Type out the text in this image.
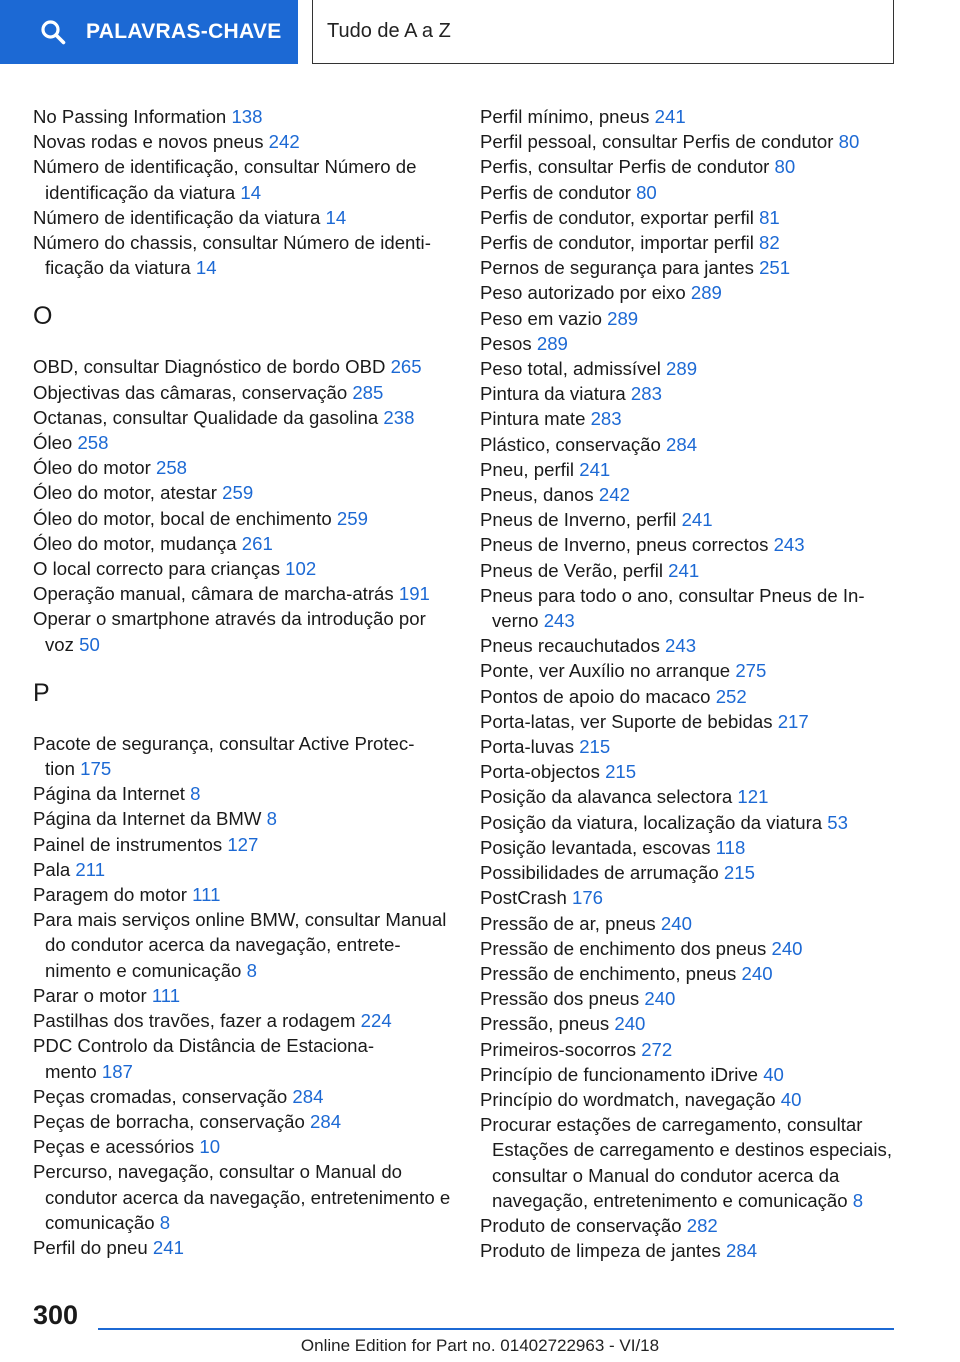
PALAVRAS-CHAVE	Tudo de A a Z

No Passing Information 138

Novas rodas e novos pneus 242

Número de identificação, consultar Número de identificação da viatura 14

Número de identificação da viatura 14

Número do chassis, consultar Número de identificação da viatura 14

O

OBD, consultar Diagnóstico de bordo OBD 265

Objectivas das câmaras, conservação 285

Octanas, consultar Qualidade da gasolina 238

Óleo 258

Óleo do motor 258

Óleo do motor, atestar 259

Óleo do motor, bocal de enchimento 259

Óleo do motor, mudança 261

O local correcto para crianças 102

Operação manual, câmara de marcha-atrás 191

Operar o smartphone através da introdução por voz 50

P

Pacote de segurança, consultar Active Protection 175

Página da Internet 8

Página da Internet da BMW 8

Painel de instrumentos 127

Pala 211

Paragem do motor 111

Para mais serviços online BMW, consultar Manual do condutor acerca da navegação, entretenimento e comunicação 8

Parar o motor 111

Pastilhas dos travões, fazer a rodagem 224

PDC Controlo da Distância de Estacionamento 187

Peças cromadas, conservação 284

Peças de borracha, conservação 284

Peças e acessórios 10

Percurso, navegação, consultar o Manual do condutor acerca da navegação, entretenimento e comunicação 8

Perfil do pneu 241

Perfil mínimo, pneus 241

Perfil pessoal, consultar Perfis de condutor 80

Perfis, consultar Perfis de condutor 80

Perfis de condutor 80

Perfis de condutor, exportar perfil 81

Perfis de condutor, importar perfil 82

Pernos de segurança para jantes 251

Peso autorizado por eixo 289

Peso em vazio 289

Pesos 289

Peso total, admissível 289

Pintura da viatura 283

Pintura mate 283

Plástico, conservação 284

Pneu, perfil 241

Pneus, danos 242

Pneus de Inverno, perfil 241

Pneus de Inverno, pneus correctos 243

Pneus de Verão, perfil 241

Pneus para todo o ano, consultar Pneus de Inverno 243

Pneus recauchutados 243

Ponte, ver Auxílio no arranque 275

Pontos de apoio do macaco 252

Porta-latas, ver Suporte de bebidas 217

Porta-luvas 215

Porta-objectos 215

Posição da alavanca selectora 121

Posição da viatura, localização da viatura 53

Posição levantada, escovas 118

Possibilidades de arrumação 215

PostCrash 176

Pressão de ar, pneus 240

Pressão de enchimento dos pneus 240

Pressão de enchimento, pneus 240

Pressão dos pneus 240

Pressão, pneus 240

Primeiros-socorros 272

Princípio de funcionamento iDrive 40

Princípio do wordmatch, navegação 40

Procurar estações de carregamento, consultar Estações de carregamento e destinos especiais, consultar o Manual do condutor acerca da navegação, entretenimento e comunicação 8

Produto de conservação 282

Produto de limpeza de jantes 284

300
Online Edition for Part no. 01402722963 - VI/18
